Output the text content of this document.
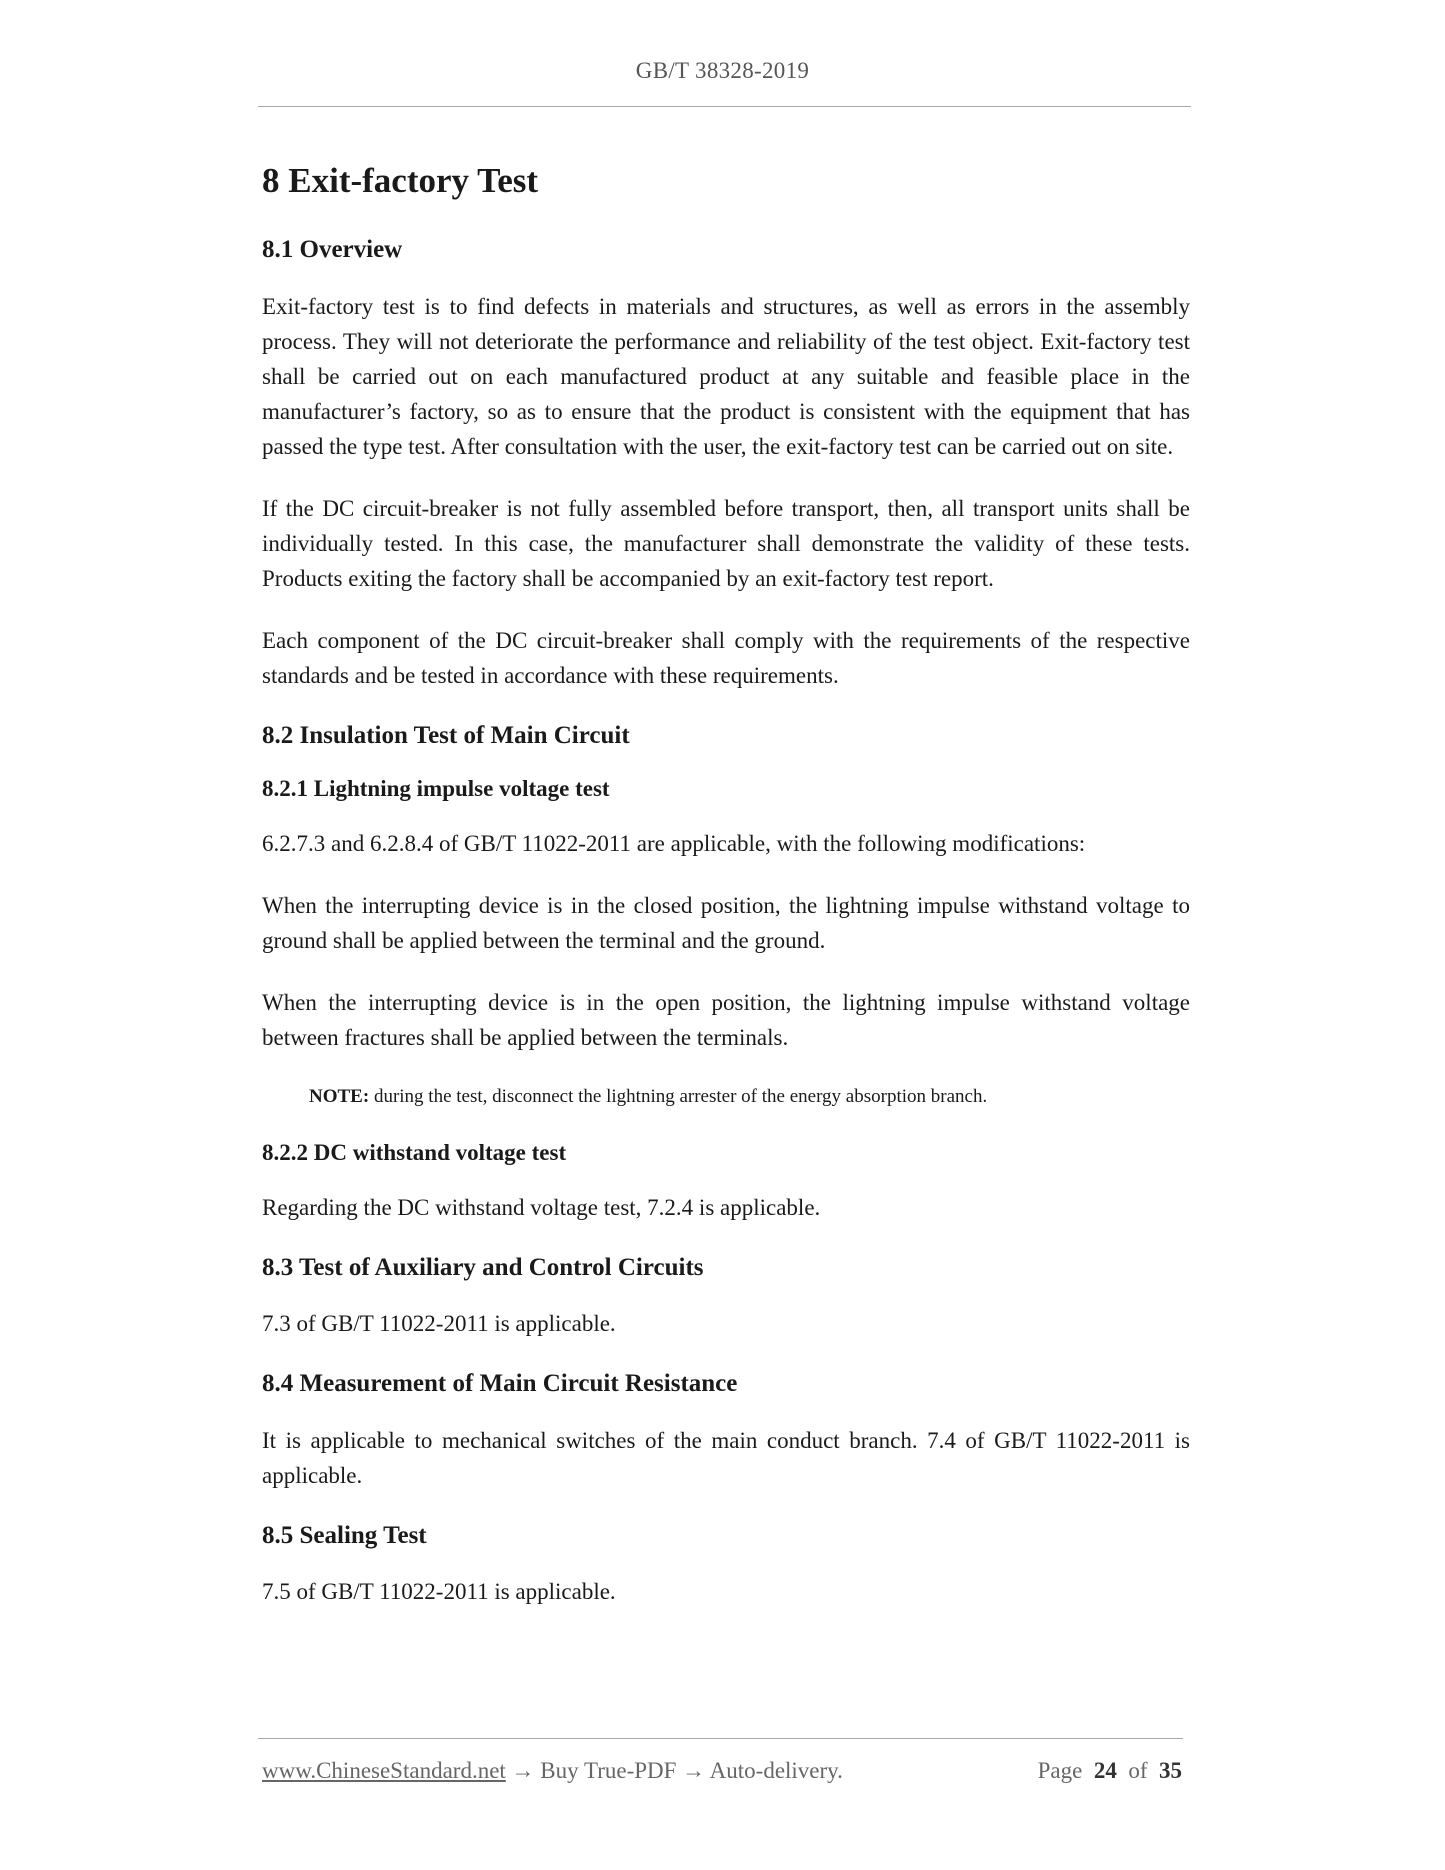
GB/T 38328-2019
8 Exit-factory Test
8.1 Overview

Exit-factory test is to find defects in materials and structures, as well as errors in the assembly process. They will not deteriorate the performance and reliability of the test object. Exit-factory test shall be carried out on each manufactured product at any suitable and feasible place in the manufacturer’s factory, so as to ensure that the product is consistent with the equipment that has passed the type test. After consultation with the user, the exit-factory test can be carried out on site.

If the DC circuit-breaker is not fully assembled before transport, then, all transport units shall be individually tested. In this case, the manufacturer shall demonstrate the validity of these tests. Products exiting the factory shall be accompanied by an exit-factory test report.

Each component of the DC circuit-breaker shall comply with the requirements of the respective standards and be tested in accordance with these requirements.

8.2 Insulation Test of Main Circuit
8.2.1 Lightning impulse voltage test

6.2.7.3 and 6.2.8.4 of GB/T 11022-2011 are applicable, with the following modifications:

When the interrupting device is in the closed position, the lightning impulse withstand voltage to ground shall be applied between the terminal and the ground.

When the interrupting device is in the open position, the lightning impulse withstand voltage between fractures shall be applied between the terminals.

NOTE: during the test, disconnect the lightning arrester of the energy absorption branch.
8.2.2 DC withstand voltage test

Regarding the DC withstand voltage test, 7.2.4 is applicable.

8.3 Test of Auxiliary and Control Circuits

7.3 of GB/T 11022-2011 is applicable.

8.4 Measurement of Main Circuit Resistance

It is applicable to mechanical switches of the main conduct branch. 7.4 of GB/T 11022-2011 is applicable.

8.5 Sealing Test

7.5 of GB/T 11022-2011 is applicable.

www.ChineseStandard.net → Buy True-PDF → Auto-delivery.	Page 24 of 35
